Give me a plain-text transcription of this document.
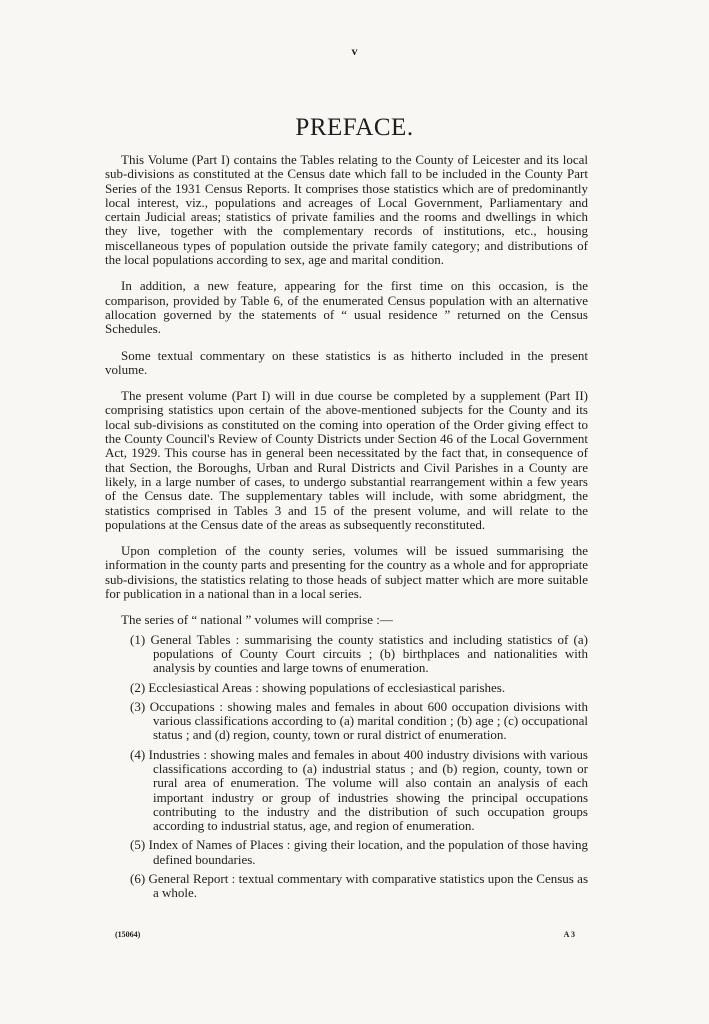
v
PREFACE.

This Volume (Part I) contains the Tables relating to the County of Leicester and its local sub-divisions as constituted at the Census date which fall to be included in the County Part Series of the 1931 Census Reports. It comprises those statistics which are of predominantly local interest, viz., populations and acreages of Local Government, Parliamentary and certain Judicial areas; statistics of private families and the rooms and dwellings in which they live, together with the complementary records of institutions, etc., housing miscellaneous types of population outside the private family category; and distributions of the local populations according to sex, age and marital condition.

In addition, a new feature, appearing for the first time on this occasion, is the comparison, provided by Table 6, of the enumerated Census population with an alternative allocation governed by the statements of “ usual residence ” returned on the Census Schedules.

Some textual commentary on these statistics is as hitherto included in the present volume.

The present volume (Part I) will in due course be completed by a supplement (Part II) comprising statistics upon certain of the above-mentioned subjects for the County and its local sub-divisions as constituted on the coming into operation of the Order giving effect to the County Council's Review of County Districts under Section 46 of the Local Government Act, 1929. This course has in general been necessitated by the fact that, in consequence of that Section, the Boroughs, Urban and Rural Districts and Civil Parishes in a County are likely, in a large number of cases, to undergo substantial rearrangement within a few years of the Census date. The supplementary tables will include, with some abridgment, the statistics comprised in Tables 3 and 15 of the present volume, and will relate to the populations at the Census date of the areas as subsequently reconstituted.

Upon completion of the county series, volumes will be issued summarising the information in the county parts and presenting for the country as a whole and for appropriate sub-divisions, the statistics relating to those heads of subject matter which are more suitable for publication in a national than in a local series.

The series of “ national ” volumes will comprise :—

(1) General Tables : summarising the county statistics and including statistics of (a) populations of County Court circuits ; (b) birthplaces and nationalities with analysis by counties and large towns of enumeration.
(2) Ecclesiastical Areas : showing populations of ecclesiastical parishes.
(3) Occupations : showing males and females in about 600 occupation divisions with various classifications according to (a) marital condition ; (b) age ; (c) occupational status ; and (d) region, county, town or rural district of enumeration.
(4) Industries : showing males and females in about 400 industry divisions with various classifications according to (a) industrial status ; and (b) region, county, town or rural area of enumeration. The volume will also contain an analysis of each important industry or group of industries showing the principal occupations contributing to the industry and the distribution of such occupation groups according to industrial status, age, and region of enumeration.
(5) Index of Names of Places : giving their location, and the population of those having defined boundaries.
(6) General Report : textual commentary with comparative statistics upon the Census as a whole.
(15064)	A 3
